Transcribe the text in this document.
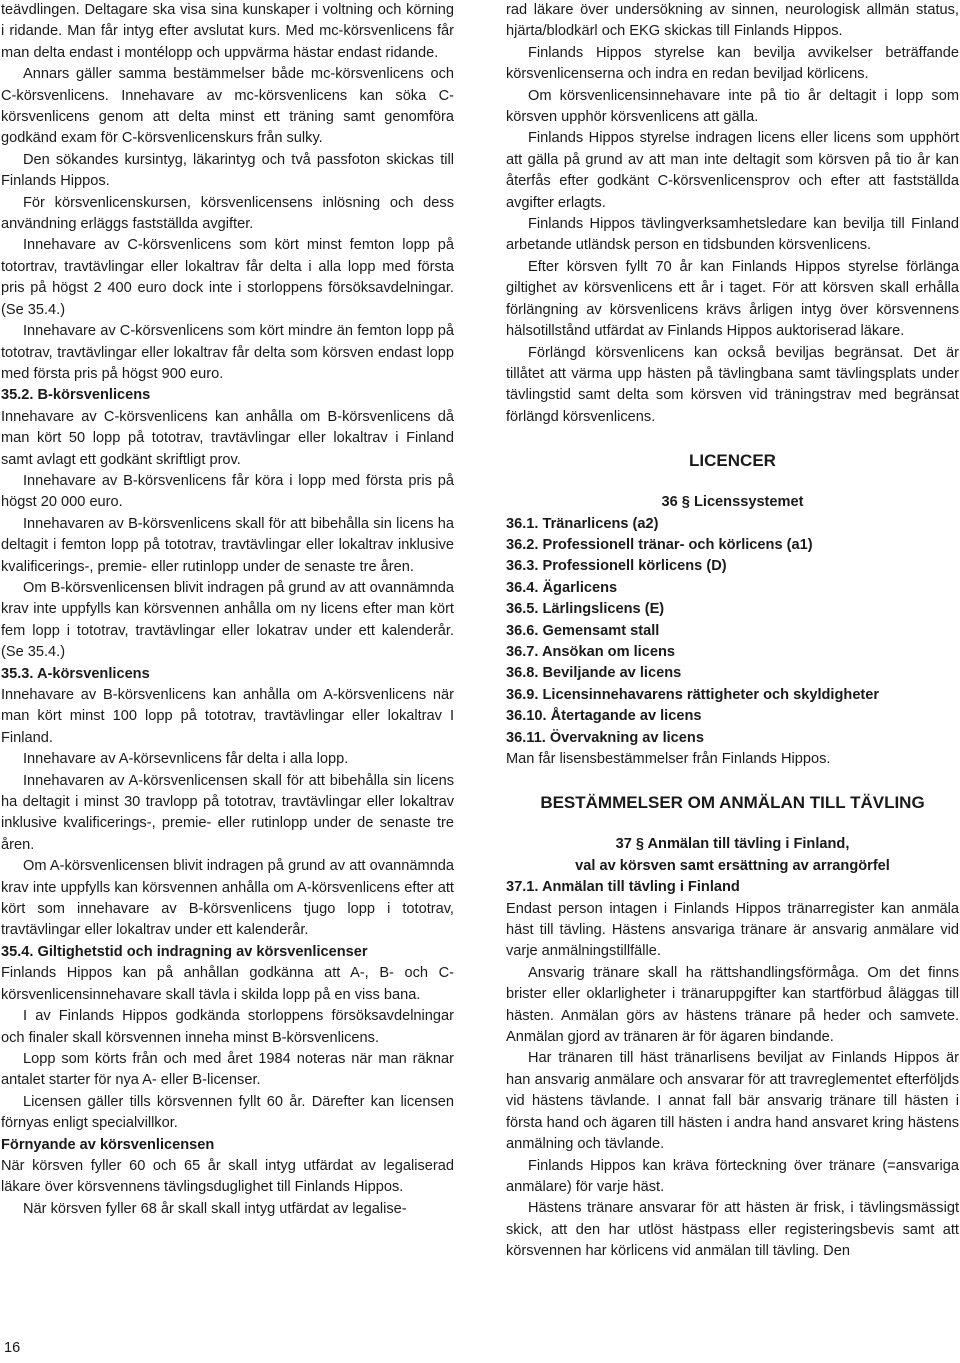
teävdlingen. Deltagare ska visa sina kunskaper i voltning och körning i ridande. Man får intyg efter avslutat kurs. Med mc-körsvenlicens får man delta endast i montélopp och uppvärma hästar endast ridande.

Annars gäller samma bestämmelser både mc-körsvenlicens och C-körsvenlicens. Innehavare av mc-körsvenlicens kan söka C-körsvenlicens genom att delta minst ett träning samt genomföra godkänd exam för C-körsvenlicenskurs från sulky.

Den sökandes kursintyg, läkarintyg och två passfoton skickas till Finlands Hippos.

För körsvenlicenskursen, körsvenlicensens inlösning och dess användning erläggs fastställda avgifter.

Innehavare av C-körsvenlicens som kört minst femton lopp på totortrav, travtävlingar eller lokaltrav får delta i alla lopp med första pris på högst 2 400 euro dock inte i storloppens försöksavdelningar. (Se 35.4.)

Innehavare av C-körsvenlicens som kört mindre än femton lopp på tototrav, travtävlingar eller lokaltrav får delta som körsven endast lopp med första pris på högst 900 euro.

35.2. B-körsvenlicens

Innehavare av C-körsvenlicens kan anhålla om B-körsvenlicens då man kört 50 lopp på tototrav, travtävlingar eller lokaltrav i Finland samt avlagt ett godkänt skriftligt prov.

Innehavare av B-körsvenlicens får köra i lopp med första pris på högst 20 000 euro.

Innehavaren av B-körsvenlicens skall för att bibehålla sin licens ha deltagit i femton lopp på tototrav, travtävlingar eller lokaltrav inklusive kvalificerings-, premie- eller rutinlopp under de senaste tre åren.

Om B-körsvenlicensen blivit indragen på grund av att ovannämnda krav inte uppfylls kan körsvennen anhålla om ny licens efter man kört fem lopp i tototrav, travtävlingar eller lokatrav under ett kalenderår. (Se 35.4.)

35.3. A-körsvenlicens

Innehavare av B-körsvenlicens kan anhålla om A-körsvenlicens när man kört minst 100 lopp på tototrav, travtävlingar eller lokaltrav I Finland.

Innehavare av A-körsevnlicens får delta i alla lopp.

Innehavaren av A-körsvenlicensen skall för att bibehålla sin licens ha deltagit i minst 30 travlopp på tototrav, travtävlingar eller lokaltrav inklusive kvalificerings-, premie- eller rutinlopp under de senaste tre åren.

Om A-körsvenlicensen blivit indragen på grund av att ovannämnda krav inte uppfylls kan körsvennen anhålla om A-körsvenlicens efter att kört som innehavare av B-körsvenlicens tjugo lopp i tototrav, travtävlingar eller lokaltrav under ett kalenderår.

35.4. Giltighetstid och indragning av körsvenlicenser

Finlands Hippos kan på anhållan godkänna att A-, B- och C-körsvenlicensinnehavare skall tävla i skilda lopp på en viss bana.

I av Finlands Hippos godkända storloppens försöksavdelningar och finaler skall körsvennen inneha minst B-körsvenlicens.

Lopp som körts från och med året 1984 noteras när man räknar antalet starter för nya A- eller B-licenser.

Licensen gäller tills körsvennen fyllt 60 år. Därefter kan licensen förnyas enligt specialvillkor.

Förnyande av körsvenlicensen

När körsven fyller 60 och 65 år skall intyg utfärdat av legaliserad läkare över körsvennens tävlingsduglighet till Finlands Hippos.

När körsven fyller 68 år skall skall intyg utfärdat av legalise-

rad läkare över undersökning av sinnen, neurologisk allmän status, hjärta/blodkärl och EKG skickas till Finlands Hippos.

Finlands Hippos styrelse kan bevilja avvikelser beträffande körsvenlicenserna och indra en redan beviljad körlicens.

Om körsvenlicensinnehavare inte på tio år deltagit i lopp som körsven upphör körsvenlicens att gälla.

Finlands Hippos styrelse indragen licens eller licens som upphört att gälla på grund av att man inte deltagit som körsven på tio år kan återfås efter godkänt C-körsvenlicensprov och efter att fastställda avgifter erlagts.

Finlands Hippos tävlingverksamhetsledare kan bevilja till Finland arbetande utländsk person en tidsbunden körsvenlicens.

Efter körsven fyllt 70 år kan Finlands Hippos styrelse förlänga giltighet av körsvenlicens ett år i taget. För att körsven skall erhålla förlängning av körsvenlicens krävs årligen intyg över körsvennens hälsotillstånd utfärdat av Finlands Hippos auktoriserad läkare.

Förlängd körsvenlicens kan också beviljas begränsat. Det är tillåtet att värma upp hästen på tävlingbana samt tävlingsplats under tävlingstid samt delta som körsven vid träningstrav med begränsat förlängd körsvenlicens.

LICENCER

36 § Licenssystemet

36.1. Tränarlicens (a2)
36.2. Professionell tränar- och körlicens (a1)
36.3. Professionell körlicens (D)
36.4. Ägarlicens
36.5. Lärlingslicens (E)
36.6. Gemensamt stall
36.7. Ansökan om licens
36.8. Beviljande av licens
36.9. Licensinnehavarens rättigheter och skyldigheter
36.10. Återtagande av licens
36.11. Övervakning av licens

Man får lisensbestämmelser från Finlands Hippos.

BESTÄMMELSER OM ANMÄLAN TILL TÄVLING

37 § Anmälan till tävling i Finland,

val av körsven samt ersättning av arrangörfel

37.1. Anmälan till tävling i Finland

Endast person intagen i Finlands Hippos tränarregister kan anmäla häst till tävling. Hästens ansvariga tränare är ansvarig anmälare vid varje anmälningstillfälle.

Ansvarig tränare skall ha rättshandlingsförmåga. Om det finns brister eller oklarligheter i tränaruppgifter kan startförbud åläggas till hästen. Anmälan görs av hästens tränare på heder och samvete. Anmälan gjord av tränaren är för ägaren bindande.

Har tränaren till häst tränarlisens beviljat av Finlands Hippos är han ansvarig anmälare och ansvarar för att travreglementet efterföljds vid hästens tävlande. I annat fall bär ansvarig tränare till hästen i första hand och ägaren till hästen i andra hand ansvaret kring hästens anmälning och tävlande.

Finlands Hippos kan kräva förteckning över tränare (=ansvariga anmälare) för varje häst.

Hästens tränare ansvarar för att hästen är frisk, i tävlingsmässigt skick, att den har utlöst hästpass eller registeringsbevis samt att körsvennen har körlicens vid anmälan till tävling. Den

16
